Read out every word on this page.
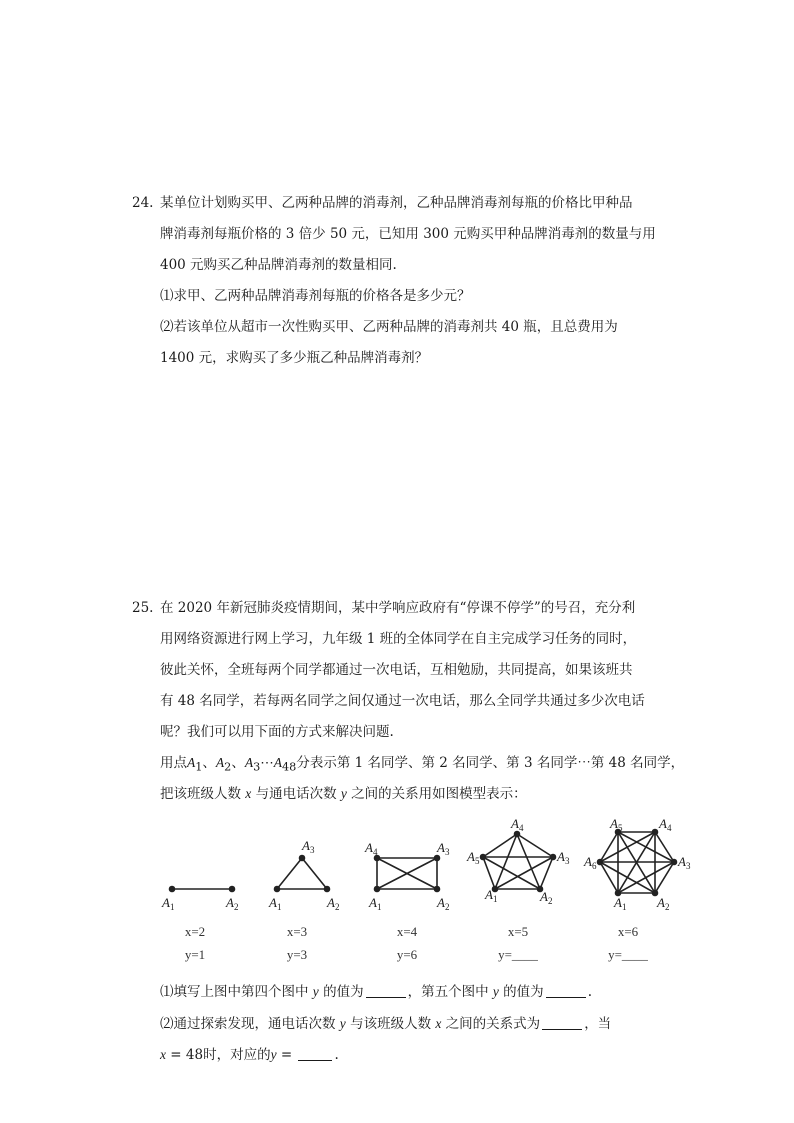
24. 某单位计划购买甲、乙两种品牌的消毒剂，乙种品牌消毒剂每瓶的价格比甲种品
牌消毒剂每瓶价格的 3 倍少 50 元，已知用 300 元购买甲种品牌消毒剂的数量与用
400 元购买乙种品牌消毒剂的数量相同.
⑴求甲、乙两种品牌消毒剂每瓶的价格各是多少元？
⑵若该单位从超市一次性购买甲、乙两种品牌的消毒剂共 40 瓶，且总费用为
1400 元，求购买了多少瓶乙种品牌消毒剂？
25. 在 2020 年新冠肺炎疫情期间，某中学响应政府有“停课不停学”的号召，充分利
用网络资源进行网上学习，九年级 1 班的全体同学在自主完成学习任务的同时，
彼此关怀，全班每两个同学都通过一次电话，互相勉励，共同提高，如果该班共
有 48 名同学，若每两名同学之间仅通过一次电话，那么全同学共通过多少次电话
呢？我们可以用下面的方式来解决问题.
用点$A_1$、$A_2$、$A_3\cdots A_{48}$分表示第 1 名同学、第 2 名同学、第 3 名同学⋯第 48 名同学，
把该班级人数 x 与通电话次数 y 之间的关系用如图模型表示：
$A_1$	$A_2$
x=2
y=1
$A_1$	$A_2$
$A_3$
x=3
y=3
$A_1$	$A_2$
$A_3$
$A_4$
x=4
y=6
$A_1$	$A_2$
$A_3$
$A_4$
$A_5$
x=5
y=____
$A_1$ $A_2$
$A_3$
$A_4$
$A_5$
$A_6$
x=6
y=____
⑴填写上图中第四个图中 y 的值为	，第五个图中 y 的值为	.
⑵通过探索发现，通电话次数 y 与该班级人数 x 之间的关系式为	，当
x = 48时，对应的y =	.
